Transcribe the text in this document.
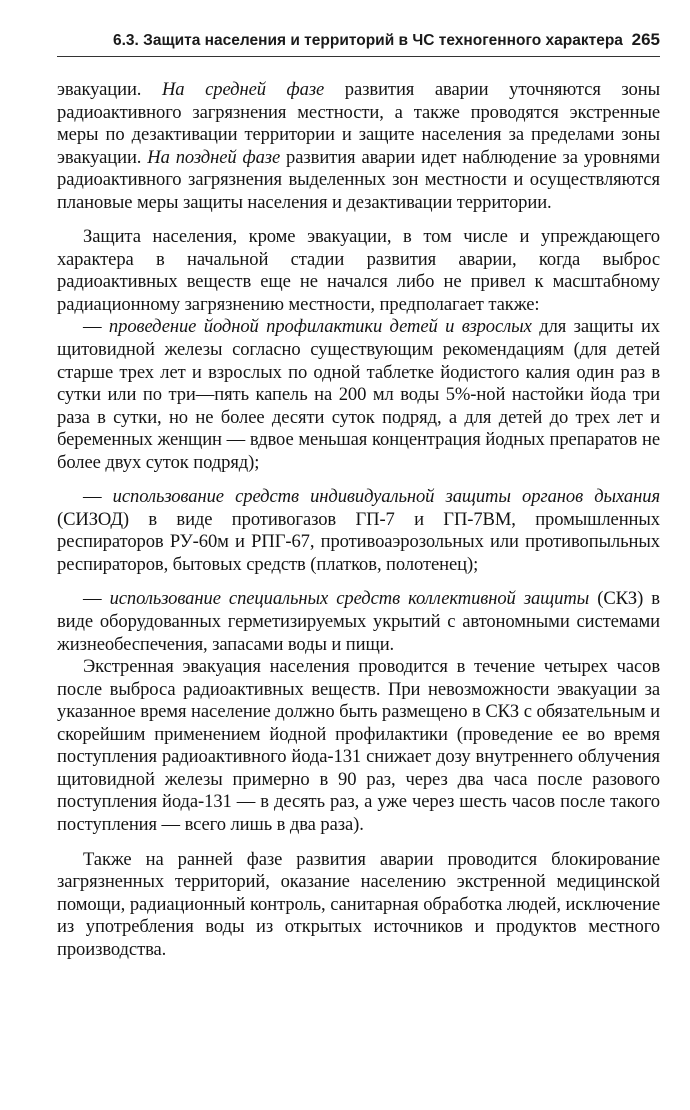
6.3. Защита населения и территорий в ЧС техногенного характера 265

эвакуации. На средней фазе развития аварии уточняются зоны радиоактивного загрязнения местности, а также проводятся экстренные меры по дезактивации территории и защите населения за пределами зоны эвакуации. На поздней фазе развития аварии идет наблюдение за уровнями радиоактивного загрязнения выделенных зон местности и осуществляются плановые меры защиты населения и дезактивации территории.

Защита населения, кроме эвакуации, в том числе и упреждающего характера в начальной стадии развития аварии, когда выброс радиоактивных веществ еще не начался либо не привел к масштабному радиационному загрязнению местности, предполагает также:

— проведение йодной профилактики детей и взрослых для защиты их щитовидной железы согласно существующим рекомендациям (для детей старше трех лет и взрослых по одной таблетке йодистого калия один раз в сутки или по три—пять капель на 200 мл воды 5%-ной настойки йода три раза в сутки, но не более десяти суток подряд, а для детей до трех лет и беременных женщин — вдвое меньшая концентрация йодных препаратов не более двух суток подряд);

— использование средств индивидуальной защиты органов дыхания (СИЗОД) в виде противогазов ГП-7 и ГП-7ВМ, промышленных респираторов РУ-60м и РПГ-67, противоаэрозольных или противопыльных респираторов, бытовых средств (платков, полотенец);

— использование специальных средств коллективной защиты (СКЗ) в виде оборудованных герметизируемых укрытий с автономными системами жизнеобеспечения, запасами воды и пищи.

Экстренная эвакуация населения проводится в течение четырех часов после выброса радиоактивных веществ. При невозможности эвакуации за указанное время население должно быть размещено в СКЗ с обязательным и скорейшим применением йодной профилактики (проведение ее во время поступления радиоактивного йода-131 снижает дозу внутреннего облучения щитовидной железы примерно в 90 раз, через два часа после разового поступления йода-131 — в десять раз, а уже через шесть часов после такого поступления — всего лишь в два раза).

Также на ранней фазе развития аварии проводится блокирование загрязненных территорий, оказание населению экстренной медицинской помощи, радиационный контроль, санитарная обработка людей, исключение из употребления воды из открытых источников и продуктов местного производства.
